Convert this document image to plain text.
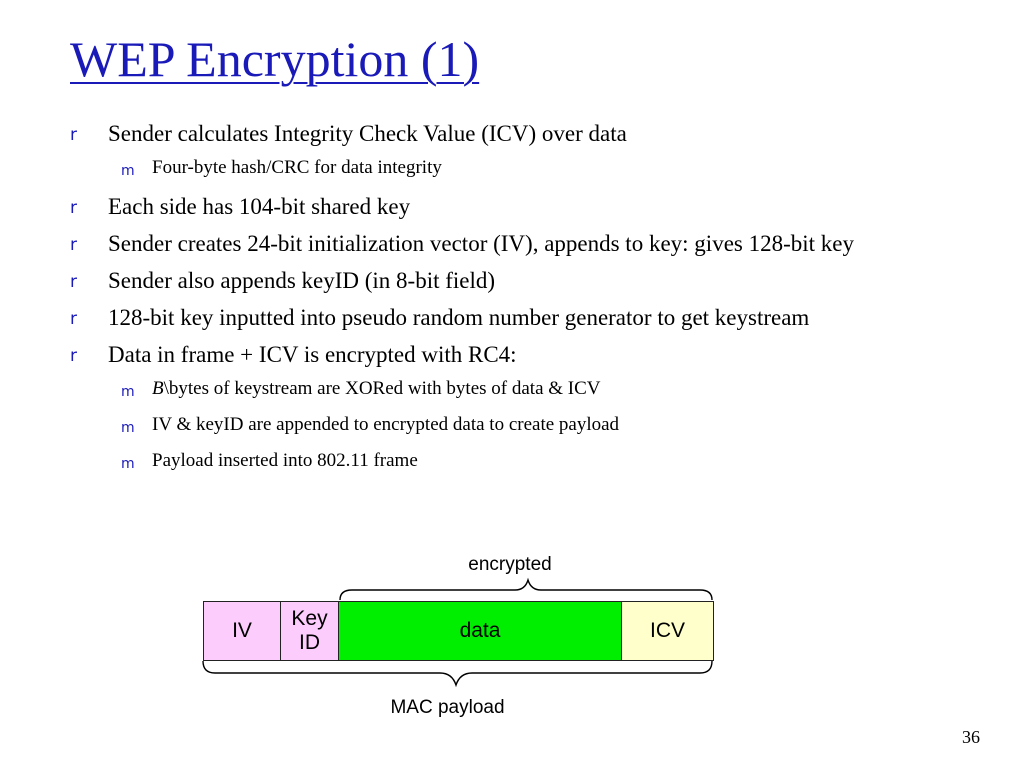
WEP Encryption (1)
r Sender calculates Integrity Check Value (ICV) over data
m Four-byte hash/CRC for data integrity
r Each side has 104-bit shared key
r Sender creates 24-bit initialization vector (IV), appends to key: gives 128-bit key
r Sender also appends keyID (in 8-bit field)
r 128-bit key inputted into pseudo random number generator to get keystream
r Data in frame + ICV is encrypted with RC4:
m B\bytes of keystream are XORed with bytes of data & ICV
m IV & keyID are appended to encrypted data to create payload
m Payload inserted into 802.11 frame
encrypted
IV
Key
ID
data	ICV
MAC payload
36
